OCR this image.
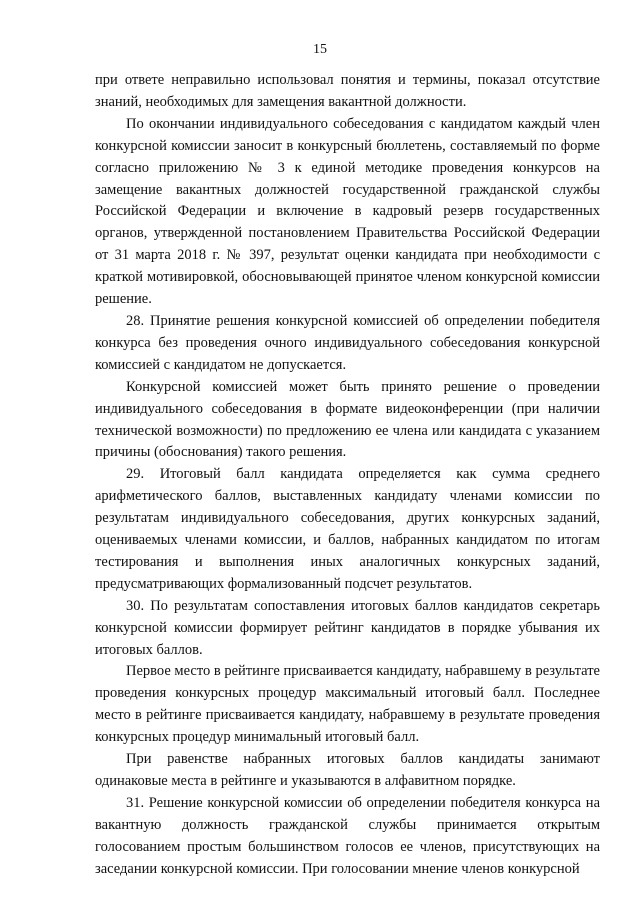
15

при ответе неправильно использовал понятия и термины, показал отсутствие знаний, необходимых для замещения вакантной должности.

По окончании индивидуального собеседования с кандидатом каждый член конкурсной комиссии заносит в конкурсный бюллетень, составляемый по форме согласно приложению № 3 к единой методике проведения конкурсов на замещение вакантных должностей государственной гражданской службы Российской Федерации и включение в кадровый резерв государственных органов, утвержденной постановлением Правительства Российской Федерации от 31 марта 2018 г. № 397, результат оценки кандидата при необходимости с краткой мотивировкой, обосновывающей принятое членом конкурсной комиссии решение.

28. Принятие решения конкурсной комиссией об определении победителя конкурса без проведения очного индивидуального собеседования конкурсной комиссией с кандидатом не допускается.

Конкурсной комиссией может быть принято решение о проведении индивидуального собеседования в формате видеоконференции (при наличии технической возможности) по предложению ее члена или кандидата с указанием причины (обоснования) такого решения.

29. Итоговый балл кандидата определяется как сумма среднего арифметического баллов, выставленных кандидату членами комиссии по результатам индивидуального собеседования, других конкурсных заданий, оцениваемых членами комиссии, и баллов, набранных кандидатом по итогам тестирования и выполнения иных аналогичных конкурсных заданий, предусматривающих формализованный подсчет результатов.

30. По результатам сопоставления итоговых баллов кандидатов секретарь конкурсной комиссии формирует рейтинг кандидатов в порядке убывания их итоговых баллов.

Первое место в рейтинге присваивается кандидату, набравшему в результате проведения конкурсных процедур максимальный итоговый балл. Последнее место в рейтинге присваивается кандидату, набравшему в результате проведения конкурсных процедур минимальный итоговый балл.

При равенстве набранных итоговых баллов кандидаты занимают одинаковые места в рейтинге и указываются в алфавитном порядке.

31. Решение конкурсной комиссии об определении победителя конкурса на вакантную должность гражданской службы принимается открытым голосованием простым большинством голосов ее членов, присутствующих на заседании конкурсной комиссии. При голосовании мнение членов конкурсной
